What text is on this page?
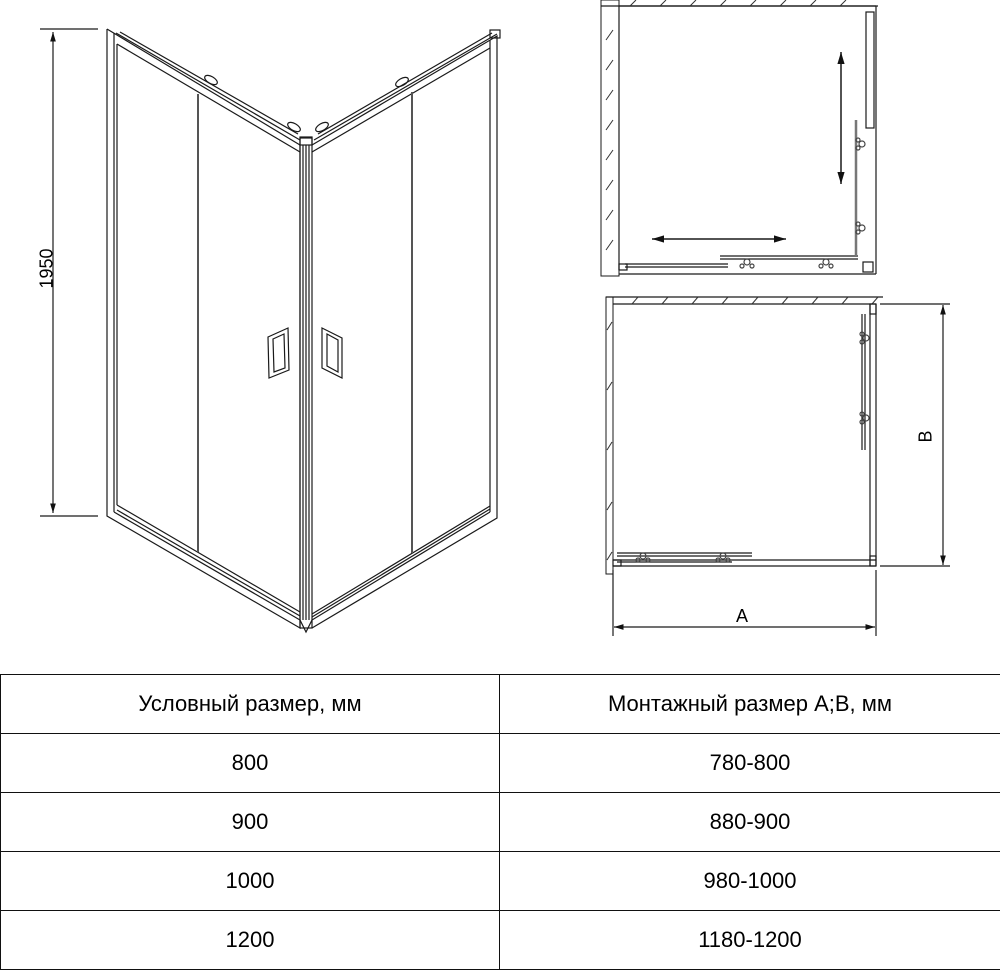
1950
A
B
Условный размер, мм	Монтажный размер A;B, мм
800	780-800
900	880-900
1000	980-1000
1200	1180-1200
